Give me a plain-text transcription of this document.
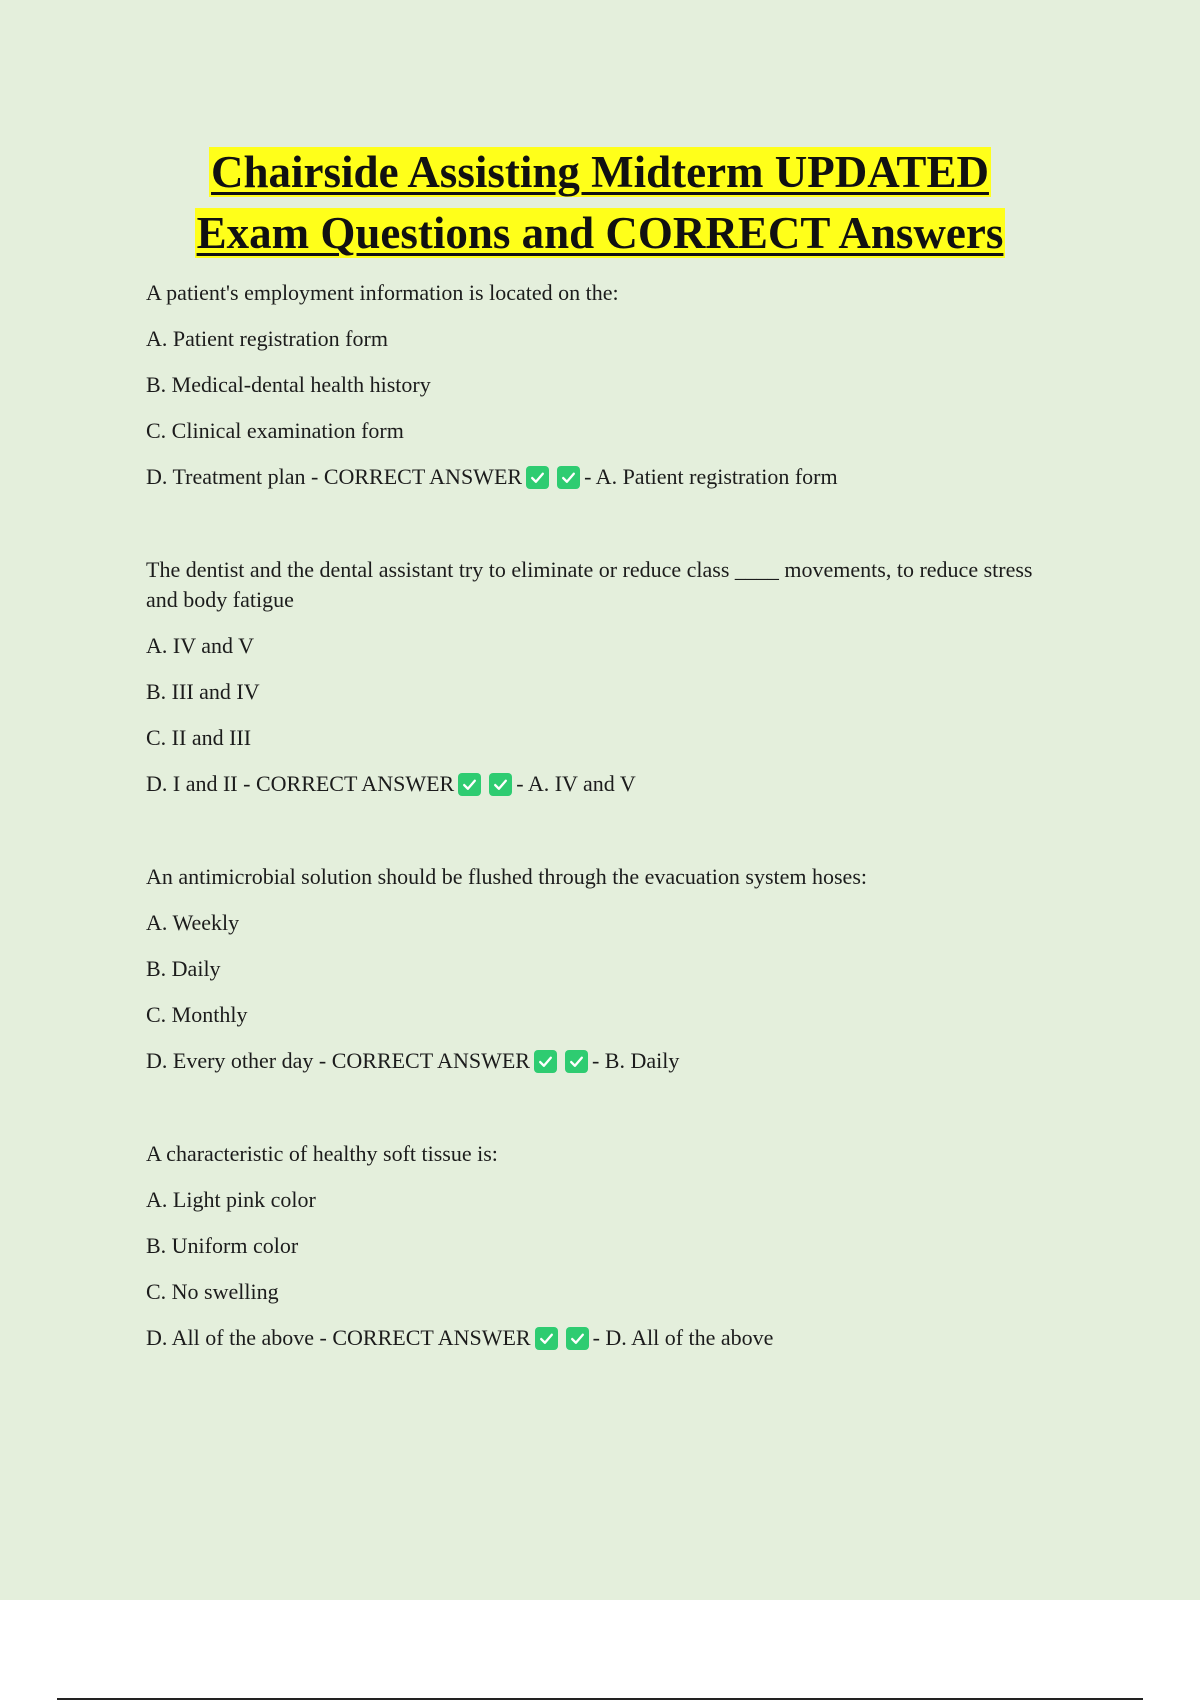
Chairside Assisting Midterm UPDATED
Exam Questions and CORRECT Answers
A patient's employment information is located on the:
A. Patient registration form
B. Medical-dental health history
C. Clinical examination form
D. Treatment plan - CORRECT ANSWER	- A. Patient registration form
The dentist and the dental assistant try to eliminate or reduce class ____ movements, to reduce stress and body fatigue
A. IV and V
B. III and IV
C. II and III
D. I and II - CORRECT ANSWER	- A. IV and V
An antimicrobial solution should be flushed through the evacuation system hoses:
A. Weekly
B. Daily
C. Monthly
D. Every other day - CORRECT ANSWER	- B. Daily
A characteristic of healthy soft tissue is:
A. Light pink color
B. Uniform color
C. No swelling
D. All of the above - CORRECT ANSWER	- D. All of the above
